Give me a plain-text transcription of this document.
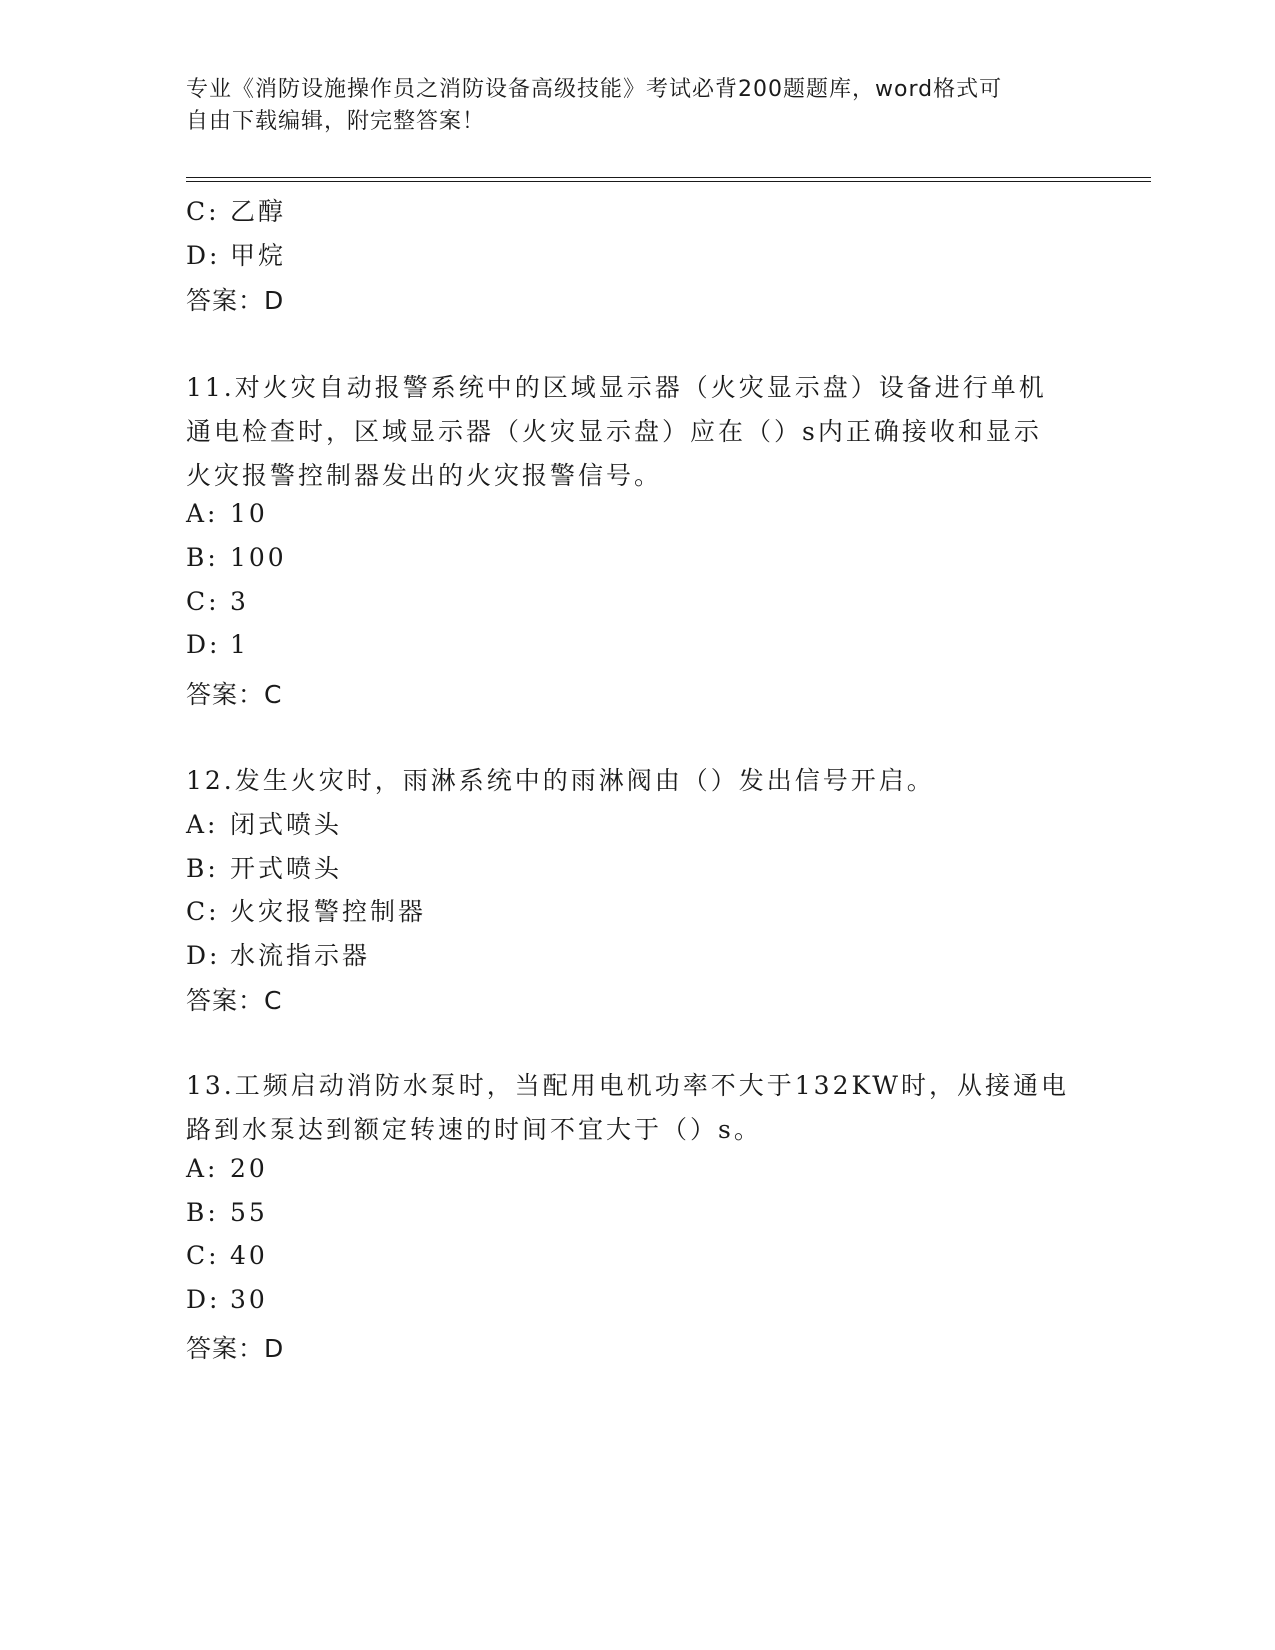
专业《消防设施操作员之消防设备高级技能》考试必背200题题库，word格式可
自由下载编辑，附完整答案！
C: 乙醇
D: 甲烷
答案：D
11.对火灾自动报警系统中的区域显示器（火灾显示盘）设备进行单机
通电检查时，区域显示器（火灾显示盘）应在（）s内正确接收和显示
火灾报警控制器发出的火灾报警信号。
A: 10
B: 100
C: 3
D: 1
答案：C
12.发生火灾时，雨淋系统中的雨淋阀由（）发出信号开启。
A: 闭式喷头
B: 开式喷头
C: 火灾报警控制器
D: 水流指示器
答案：C
13.工频启动消防水泵时，当配用电机功率不大于132KW时，从接通电
路到水泵达到额定转速的时间不宜大于（）s。
A: 20
B: 55
C: 40
D: 30
答案：D
